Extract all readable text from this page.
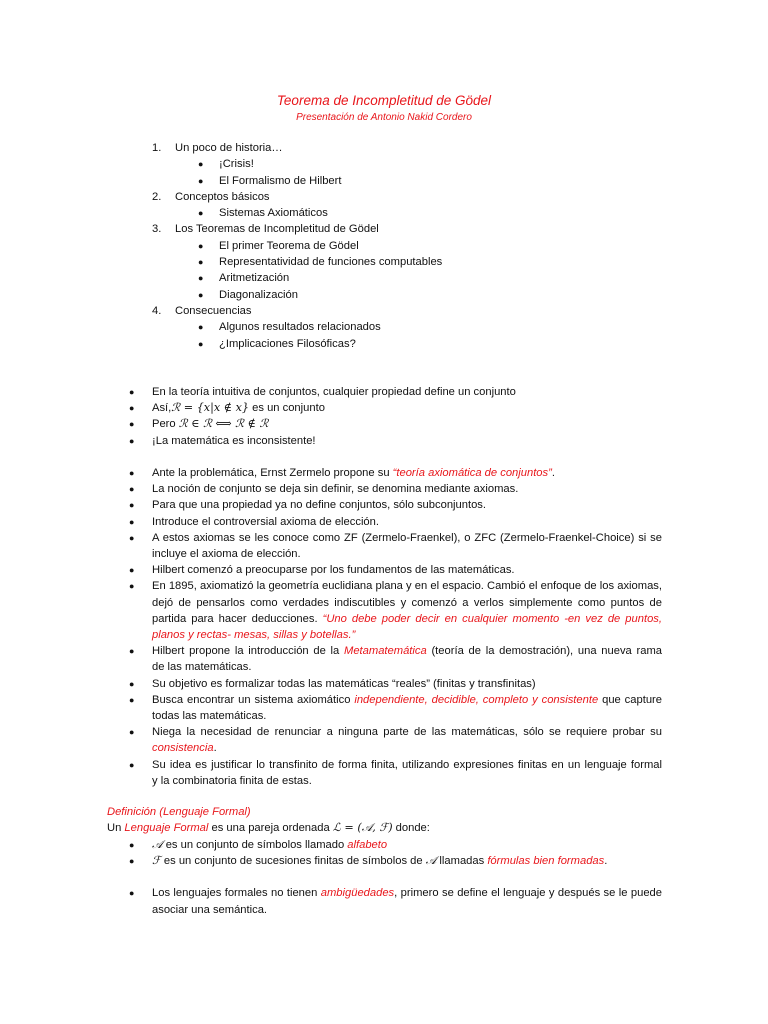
Teorema de Incompletitud de Gödel
Presentación de Antonio Nakid Cordero
1. Un poco de historia…
● ¡Crisis!
● El Formalismo de Hilbert
2. Conceptos básicos
● Sistemas Axiomáticos
3. Los Teoremas de Incompletitud de Gödel
● El primer Teorema de Gödel
● Representatividad de funciones computables
● Aritmetización
● Diagonalización
4. Consecuencias
● Algunos resultados relacionados
● ¿Implicaciones Filosóficas?
● En la teoría intuitiva de conjuntos, cualquier propiedad define un conjunto
● Así,ℛ = {x|x ∉ x} es un conjunto
● Pero ℛ ∈ ℛ ⟺ ℛ ∉ ℛ
● ¡La matemática es inconsistente!
● Ante la problemática, Ernst Zermelo propone su “teoría axiomática de conjuntos”.
● La noción de conjunto se deja sin definir, se denomina mediante axiomas.
● Para que una propiedad ya no define conjuntos, sólo subconjuntos.
● Introduce el controversial axioma de elección.
● A estos axiomas se les conoce como ZF (Zermelo-Fraenkel), o ZFC (Zermelo-Fraenkel-Choice) si se
incluye el axioma de elección.
● Hilbert comenzó a preocuparse por los fundamentos de las matemáticas.
● En 1895, axiomatizó la geometría euclidiana plana y en el espacio. Cambió el enfoque de los axiomas,
dejó de pensarlos como verdades indiscutibles y comenzó a verlos simplemente como puntos de
partida para hacer deducciones. “Uno debe poder decir en cualquier momento -en vez de puntos,
planos y rectas- mesas, sillas y botellas.”
● Hilbert propone la introducción de la Metamatemática (teoría de la demostración), una nueva rama
de las matemáticas.
● Su objetivo es formalizar todas las matemáticas “reales” (finitas y transfinitas)
● Busca encontrar un sistema axiomático independiente, decidible, completo y consistente que capture
todas las matemáticas.
● Niega la necesidad de renunciar a ninguna parte de las matemáticas, sólo se requiere probar su
consistencia.
● Su idea es justificar lo transfinito de forma finita, utilizando expresiones finitas en un lenguaje formal
y la combinatoria finita de estas.
Definición (Lenguaje Formal)
Un Lenguaje Formal es una pareja ordenada ℒ = (𝒜, ℱ) donde:
● 𝒜 es un conjunto de símbolos llamado alfabeto
● ℱ es un conjunto de sucesiones finitas de símbolos de 𝒜 llamadas fórmulas bien formadas.
● Los lenguajes formales no tienen ambigüedades, primero se define el lenguaje y después se le puede
asociar una semántica.
